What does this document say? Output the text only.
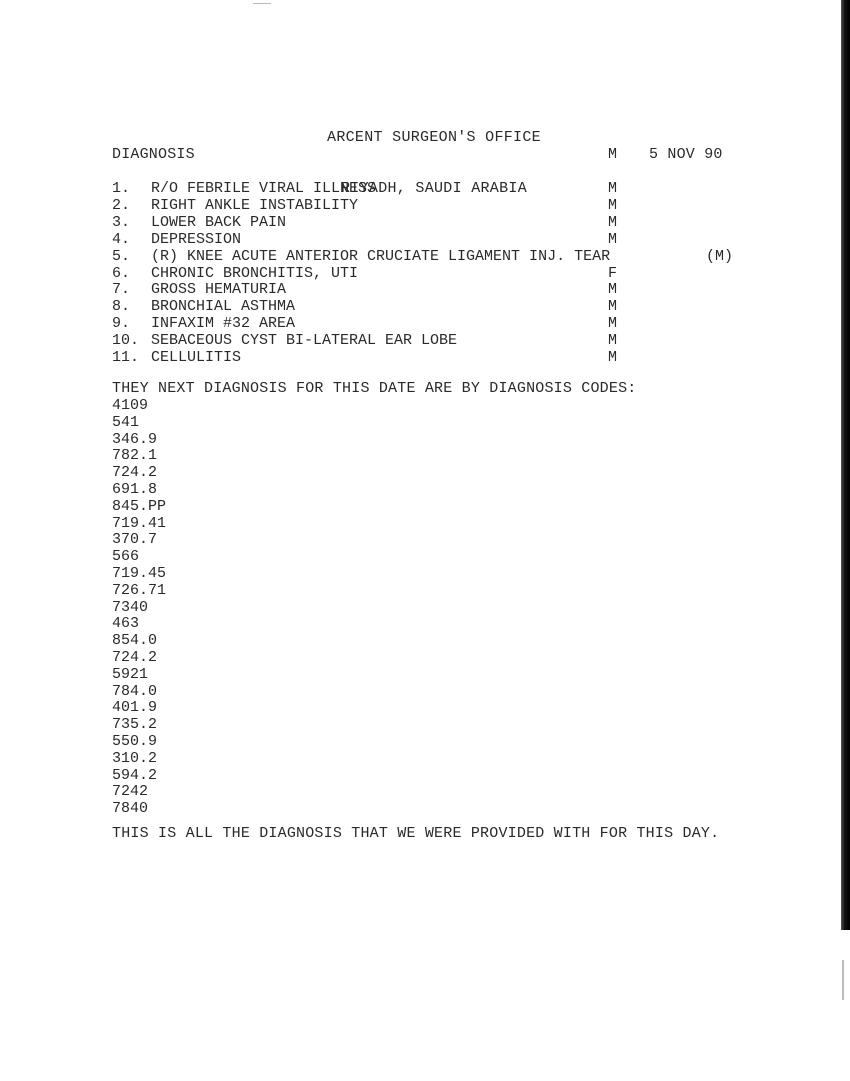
ARCENT SURGEON'S OFFICE

RIYADH, SAUDI ARABIA

DIAGNOSIS	M 5 NOV 90
1. R/O FEBRILE VIRAL ILLNESS	M
2. RIGHT ANKLE INSTABILITY	M
3. LOWER BACK PAIN	M
4. DEPRESSION	M
5. (R) KNEE ACUTE ANTERIOR CRUCIATE LIGAMENT INJ. TEAR	(M)
6. CHRONIC BRONCHITIS, UTI	F
7. GROSS HEMATURIA	M
8. BRONCHIAL ASTHMA	M
9. INFAXIM #32 AREA	M
10. SEBACEOUS CYST BI-LATERAL EAR LOBE	M
11. CELLULITIS	M
THEY NEXT DIAGNOSIS FOR THIS DATE ARE BY DIAGNOSIS CODES:
4109
541
346.9
782.1
724.2
691.8
845.PP
719.41
370.7
566
719.45
726.71
7340
463
854.0
724.2
5921
784.0
401.9
735.2
550.9
310.2
594.2
7242
7840
THIS IS ALL THE DIAGNOSIS THAT WE WERE PROVIDED WITH FOR THIS DAY.
